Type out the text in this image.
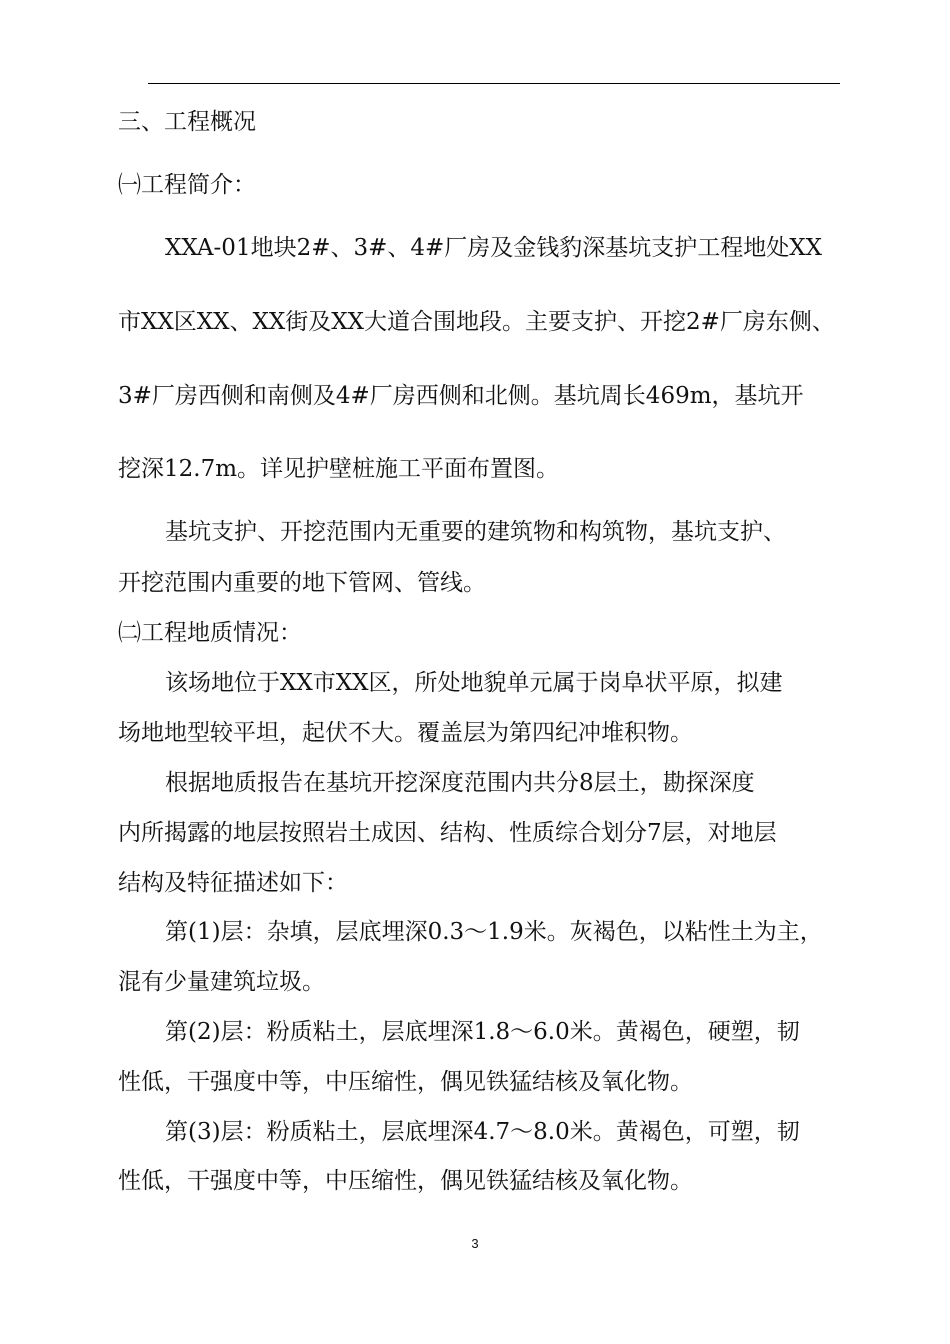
三、工程概况

㈠工程简介：

XXA-01地块2#、3#、4#厂房及金钱豹深基坑支护工程地处XX

市XX区XX、XX街及XX大道合围地段。主要支护、开挖2#厂房东侧、

3#厂房西侧和南侧及4#厂房西侧和北侧。基坑周长469m，基坑开

挖深12.7m。详见护壁桩施工平面布置图。

基坑支护、开挖范围内无重要的建筑物和构筑物，基坑支护、

开挖范围内重要的地下管网、管线。

㈡工程地质情况：

该场地位于XX市XX区，所处地貌单元属于岗阜状平原，拟建

场地地型较平坦，起伏不大。覆盖层为第四纪冲堆积物。

根据地质报告在基坑开挖深度范围内共分8层土，勘探深度

内所揭露的地层按照岩土成因、结构、性质综合划分7层，对地层

结构及特征描述如下：

第(1)层：杂填，层底埋深0.3～1.9米。灰褐色，以粘性土为主，

混有少量建筑垃圾。

第(2)层：粉质粘土，层底埋深1.8～6.0米。黄褐色，硬塑，韧

性低，干强度中等，中压缩性，偶见铁猛结核及氧化物。

第(3)层：粉质粘土，层底埋深4.7～8.0米。黄褐色，可塑，韧

性低，干强度中等，中压缩性，偶见铁猛结核及氧化物。

3
